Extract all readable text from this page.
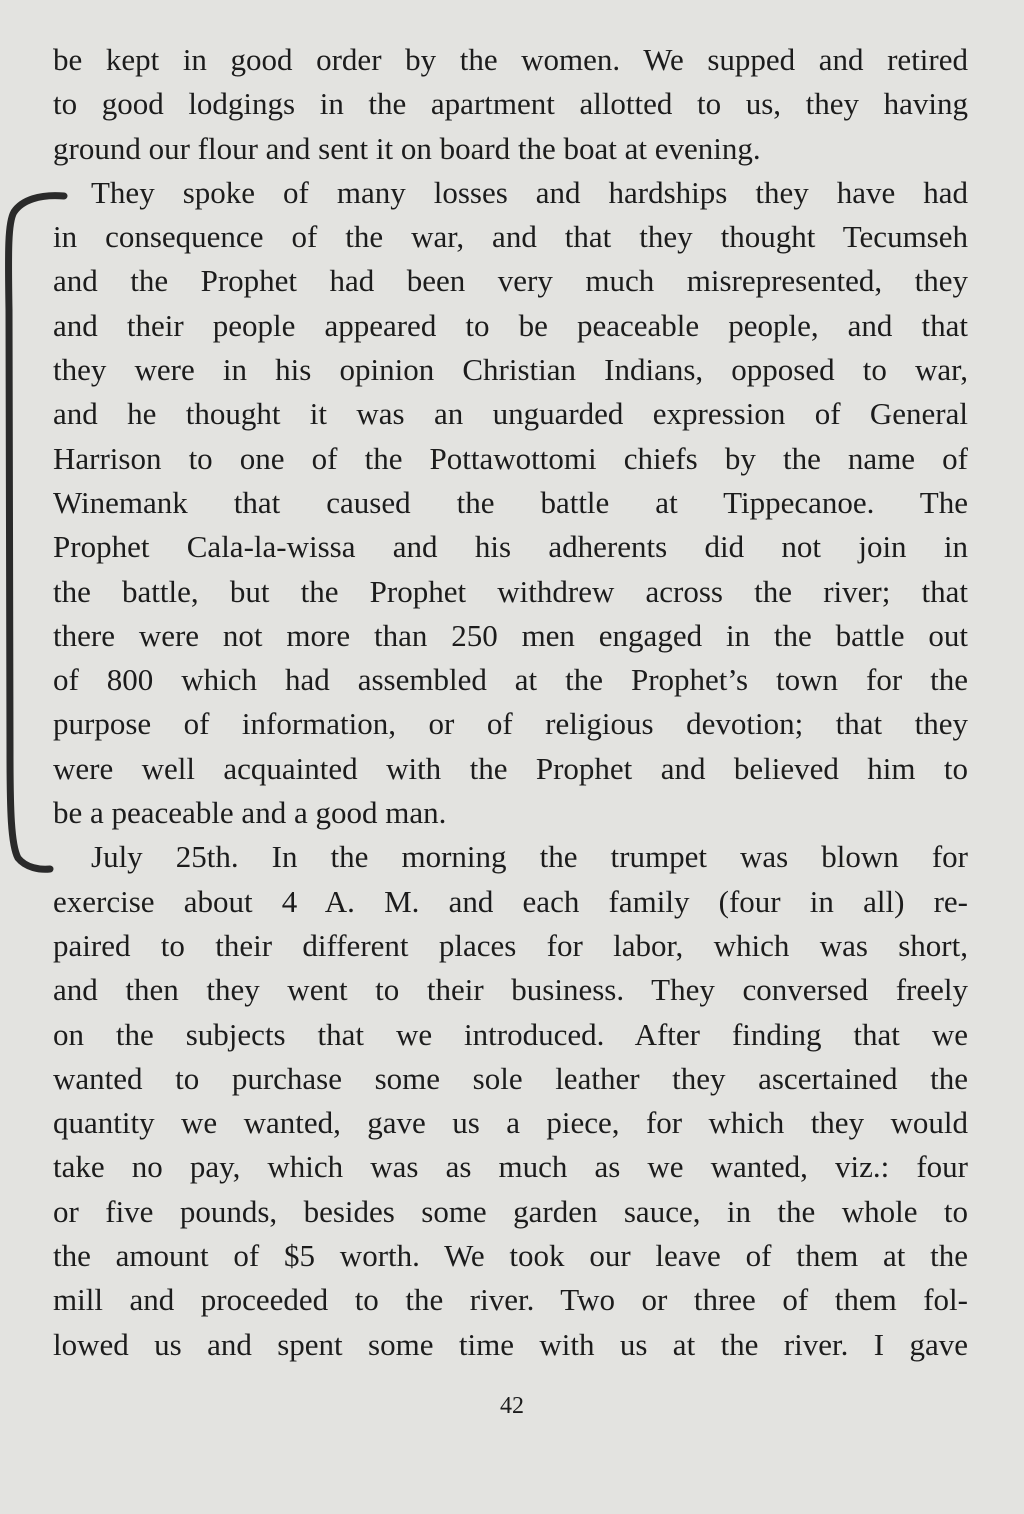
be kept in good order by the women. We supped and retired
to good lodgings in the apartment allotted to us, they having
ground our flour and sent it on board the boat at evening.
They spoke of many losses and hardships they have had
in consequence of the war, and that they thought Tecumseh
and the Prophet had been very much misrepresented, they
and their people appeared to be peaceable people, and that
they were in his opinion Christian Indians, opposed to war,
and he thought it was an unguarded expression of General
Harrison to one of the Pottawottomi chiefs by the name of
Winemank that caused the battle at Tippecanoe. The
Prophet Cala-la-wissa and his adherents did not join in
the battle, but the Prophet withdrew across the river; that
there were not more than 250 men engaged in the battle out
of 800 which had assembled at the Prophet’s town for the
purpose of information, or of religious devotion; that they
were well acquainted with the Prophet and believed him to
be a peaceable and a good man.
July 25th. In the morning the trumpet was blown for
exercise about 4 A. M. and each family (four in all) re-
paired to their different places for labor, which was short,
and then they went to their business. They conversed freely
on the subjects that we introduced. After finding that we
wanted to purchase some sole leather they ascertained the
quantity we wanted, gave us a piece, for which they would
take no pay, which was as much as we wanted, viz.: four
or five pounds, besides some garden sauce, in the whole to
the amount of $5 worth. We took our leave of them at the
mill and proceeded to the river. Two or three of them fol-
lowed us and spent some time with us at the river. I gave
42
